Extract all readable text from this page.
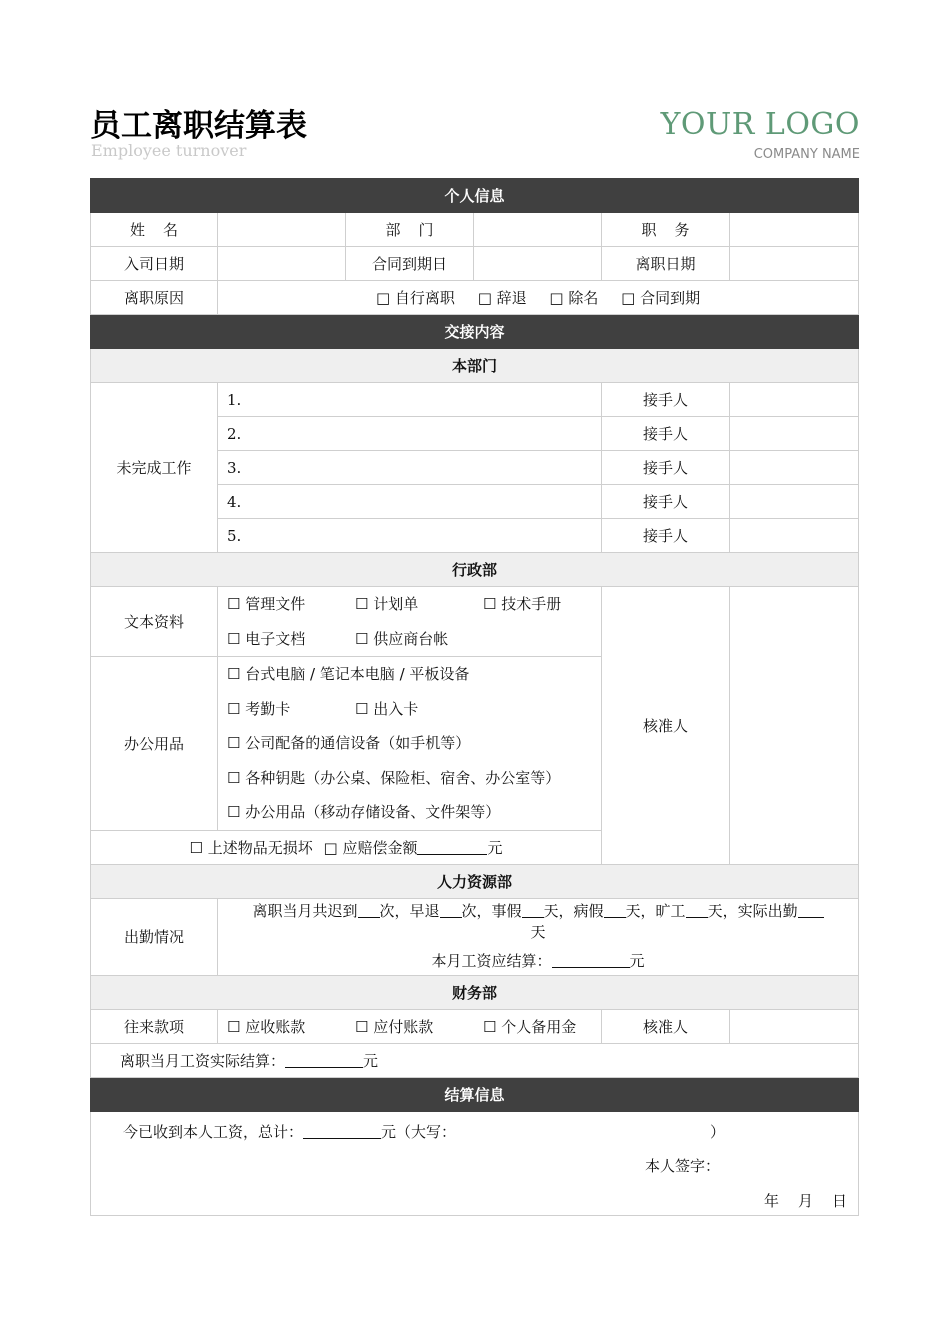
员工离职结算表
Employee turnover
YOUR LOGO
COMPANY NAME
个人信息					
姓名		部门		职务	
入司日期		合同到期日		离职日期	
离职原因	□ 自行离职 □ 辞退 □ 除名 □ 合同到期				
交接内容					
本部门					
未完成工作	1.			接手人	
	2.			接手人	
	3.			接手人	
	4.			接手人	
	5.			接手人	
行政部					
文本资料	☐ 管理文件 ☐ 计划单 ☐ 技术手册
☐ 电子文档 ☐ 供应商台帐			核准人	
办公用品	☐ 台式电脑 / 笔记本电脑 / 平板设备
☐ 考勤卡 ☐ 出入卡
☐ 公司配备的通信设备（如手机等）
☐ 各种钥匙（办公桌、保险柜、宿舍、办公室等）
☐ 办公用品（移动存储设备、文件架等）				

☐ 上述物品无损坏 □ 应赔偿金额 元					
人力资源部					
出勤情况	离职当月共迟到 次，早退 次，事假 天，病假 天，旷工 天，实际出勤
天
本月工资应结算： 元				

财务部					
往来款项	☐ 应收账款 ☐ 应付账款 ☐ 个人备用金			核准人	
离职当月工资实际结算： 元					
结算信息					

今已收到本人工资，总计： 元（大写： ）
本人签字：
年 月 日					
